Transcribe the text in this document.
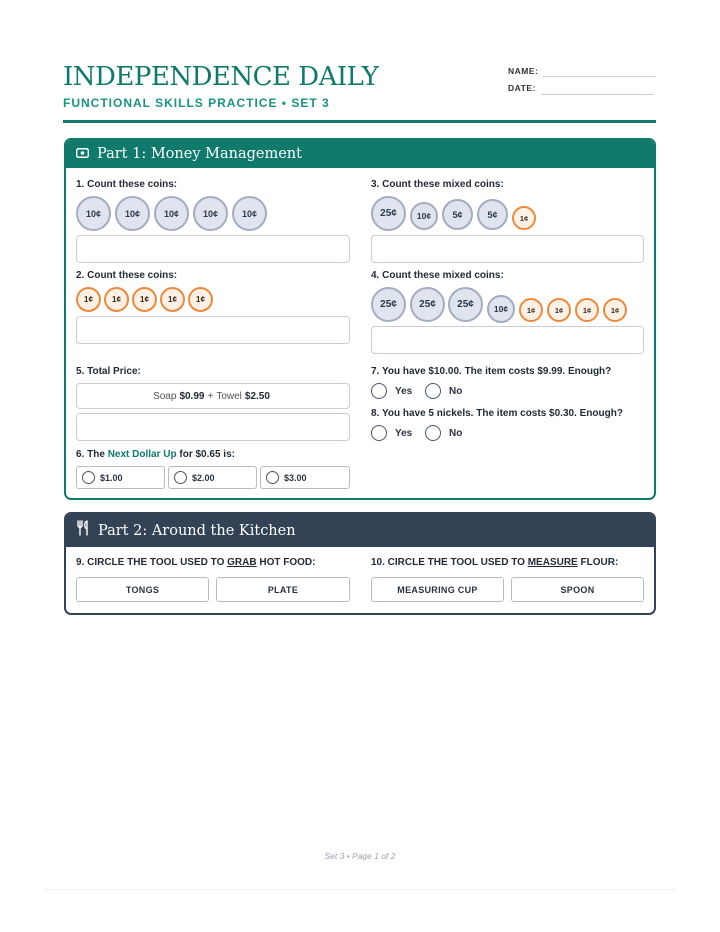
INDEPENDENCE DAILY
FUNCTIONAL SKILLS PRACTICE • SET 3
NAME:
DATE:
Part 1: Money Management
1. Count these coins:
10¢	10¢	10¢	10¢	10¢
2. Count these coins:
1¢	1¢	1¢	1¢	1¢
3. Count these mixed coins:
25¢	10¢	5¢	5¢	1¢
4. Count these mixed coins:
25¢	25¢	25¢	10¢	1¢	1¢	1¢	1¢
5. Total Price:
Soap $0.99 + Towel $2.50
6. The Next Dollar Up for $0.65 is:
$1.00	$2.00	$3.00
7. You have $10.00. The item costs $9.99. Enough?
Yes	No
8. You have 5 nickels. The item costs $0.30. Enough?
Yes	No
Part 2: Around the Kitchen
9. CIRCLE THE TOOL USED TO GRAB HOT FOOD:
TONGS	PLATE
10. CIRCLE THE TOOL USED TO MEASURE FLOUR:
MEASURING CUP	SPOON
Set 3 • Page 1 of 2
